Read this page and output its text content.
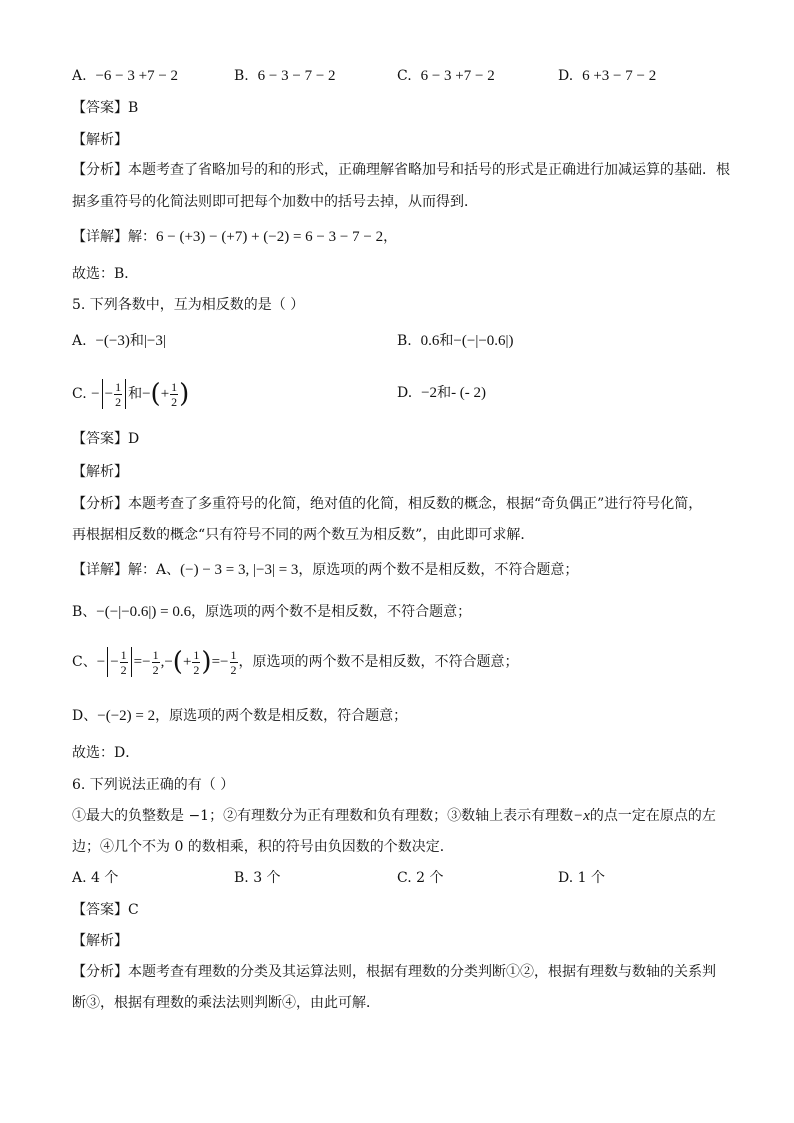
A. −6 − 3 +7 − 2	B. 6 − 3 − 7 − 2	C. 6 − 3 +7 − 2	D. 6 +3 − 7 − 2
【答案】B
【解析】
【分析】本题考查了省略加号的和的形式，正确理解省略加号和括号的形式是正确进行加减运算的基础．根
据多重符号的化简法则即可把每个加数中的括号去掉，从而得到．
【详解】解：6 − (+3) − (+7) + (−2) = 6 − 3 − 7 − 2，
故选：B．
5. 下列各数中，互为相反数的是（ ）
A. −(−3)和|−3|	B. 0.6和−(−|−0.6|)
C.
− − $\frac{1}{2}$ 和 − ( + $\frac{1}{2}$ )	D. −2和- (- 2)
【答案】D
【解析】
【分析】本题考查了多重符号的化简，绝对值的化简，相反数的概念，根据“奇负偶正”进行符号化简，
再根据相反数的概念“只有符号不同的两个数互为相反数”，由此即可求解．
【详解】解：A、(−) − 3 = 3, |−3| = 3，原选项的两个数不是相反数，不符合题意；
B、−(−|−0.6|) = 0.6，原选项的两个数不是相反数，不符合题意；
C、 − − $\frac{1}{2} =- \frac{1}{2}$ ,− ( + $\frac{1}{2}$ ) =− $\frac{1}{2}$ ，原选项的两个数不是相反数，不符合题意；
D、−(−2) = 2，原选项的两个数是相反数，符合题意；
故选：D．
6. 下列说法正确的有（ ）
①最大的负整数是 −1；②有理数分为正有理数和负有理数；③数轴上表示有理数−x的点一定在原点的左
边；④几个不为 0 的数相乘，积的符号由负因数的个数决定．
A. 4 个	B. 3 个	C. 2 个	D. 1 个
【答案】C
【解析】
【分析】本题考查有理数的分类及其运算法则，根据有理数的分类判断①②，根据有理数与数轴的关系判
断③，根据有理数的乘法法则判断④，由此可解．
